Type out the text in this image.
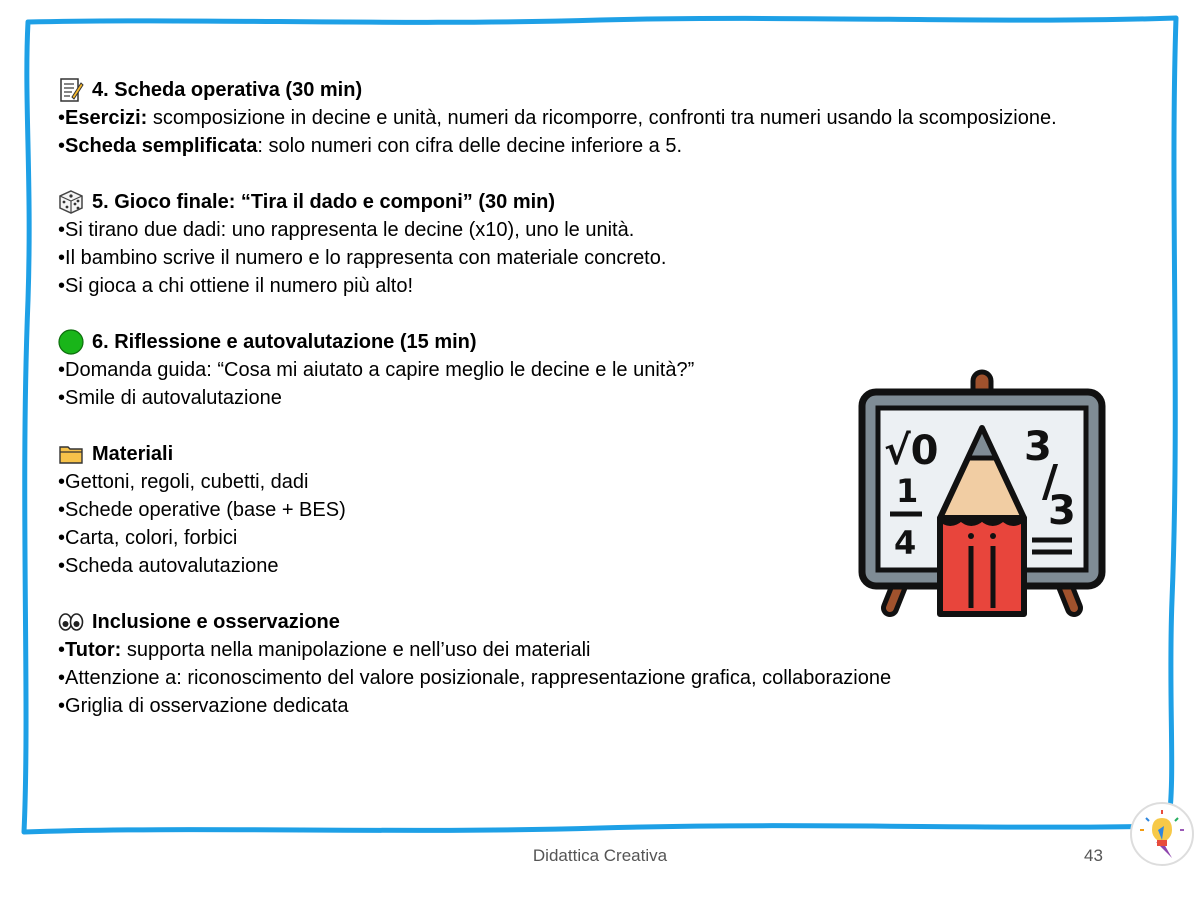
4. Scheda operativa (30 min)
•Esercizi: scomposizione in decine e unità, numeri da ricomporre, confronti tra numeri usando la scomposizione.
•Scheda semplificata: solo numeri con cifra delle decine inferiore a 5.
5. Gioco finale: “Tira il dado e componi” (30 min)
•Si tirano due dadi: uno rappresenta le decine (x10), uno le unità.
•Il bambino scrive il numero e lo rappresenta con materiale concreto.
•Si gioca a chi ottiene il numero più alto!
6. Riflessione e autovalutazione (15 min)
•Domanda guida: “Cosa mi aiutato a capire meglio le decine e le unità?”
•Smile di autovalutazione
Materiali
•Gettoni, regoli, cubetti, dadi
•Schede operative (base + BES)
•Carta, colori, forbici
•Scheda autovalutazione
Inclusione e osservazione
•Tutor: supporta nella manipolazione e nell’uso dei materiali
•Attenzione a: riconoscimento del valore posizionale, rappresentazione grafica, collaborazione
•Griglia di osservazione dedicata
√0 3
/
3
1
4
Didattica Creativa	43
